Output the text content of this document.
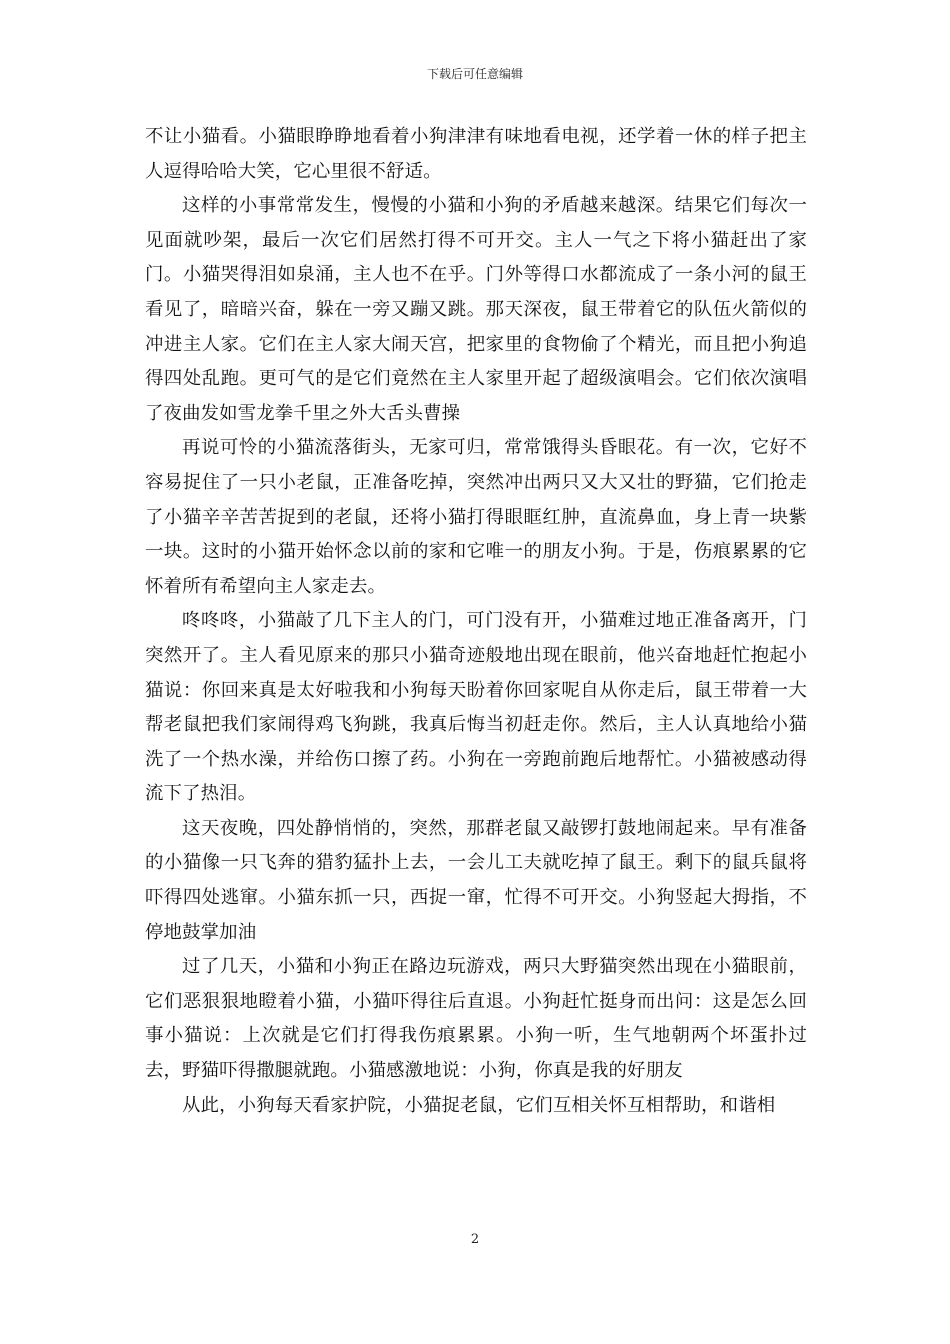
下载后可任意编辑

不让小猫看。小猫眼睁睁地看着小狗津津有味地看电视，还学着一休的样子把主人逗得哈哈大笑，它心里很不舒适。

这样的小事常常发生，慢慢的小猫和小狗的矛盾越来越深。结果它们每次一见面就吵架，最后一次它们居然打得不可开交。主人一气之下将小猫赶出了家门。小猫哭得泪如泉涌，主人也不在乎。门外等得口水都流成了一条小河的鼠王看见了，暗暗兴奋，躲在一旁又蹦又跳。那天深夜，鼠王带着它的队伍火箭似的冲进主人家。它们在主人家大闹天宫，把家里的食物偷了个精光，而且把小狗追得四处乱跑。更可气的是它们竟然在主人家里开起了超级演唱会。它们依次演唱了夜曲发如雪龙拳千里之外大舌头曹操

再说可怜的小猫流落街头，无家可归，常常饿得头昏眼花。有一次，它好不容易捉住了一只小老鼠，正准备吃掉，突然冲出两只又大又壮的野猫，它们抢走了小猫辛辛苦苦捉到的老鼠，还将小猫打得眼眶红肿，直流鼻血，身上青一块紫一块。这时的小猫开始怀念以前的家和它唯一的朋友小狗。于是，伤痕累累的它怀着所有希望向主人家走去。

咚咚咚，小猫敲了几下主人的门，可门没有开，小猫难过地正准备离开，门突然开了。主人看见原来的那只小猫奇迹般地出现在眼前，他兴奋地赶忙抱起小猫说：你回来真是太好啦我和小狗每天盼着你回家呢自从你走后，鼠王带着一大帮老鼠把我们家闹得鸡飞狗跳，我真后悔当初赶走你。然后，主人认真地给小猫洗了一个热水澡，并给伤口擦了药。小狗在一旁跑前跑后地帮忙。小猫被感动得流下了热泪。

这天夜晚，四处静悄悄的，突然，那群老鼠又敲锣打鼓地闹起来。早有准备的小猫像一只飞奔的猎豹猛扑上去，一会儿工夫就吃掉了鼠王。剩下的鼠兵鼠将吓得四处逃窜。小猫东抓一只，西捉一窜，忙得不可开交。小狗竖起大拇指，不停地鼓掌加油

过了几天，小猫和小狗正在路边玩游戏，两只大野猫突然出现在小猫眼前，它们恶狠狠地瞪着小猫，小猫吓得往后直退。小狗赶忙挺身而出问：这是怎么回事小猫说：上次就是它们打得我伤痕累累。小狗一听，生气地朝两个坏蛋扑过去，野猫吓得撒腿就跑。小猫感激地说：小狗，你真是我的好朋友

从此，小狗每天看家护院，小猫捉老鼠，它们互相关怀互相帮助，和谐相

2
